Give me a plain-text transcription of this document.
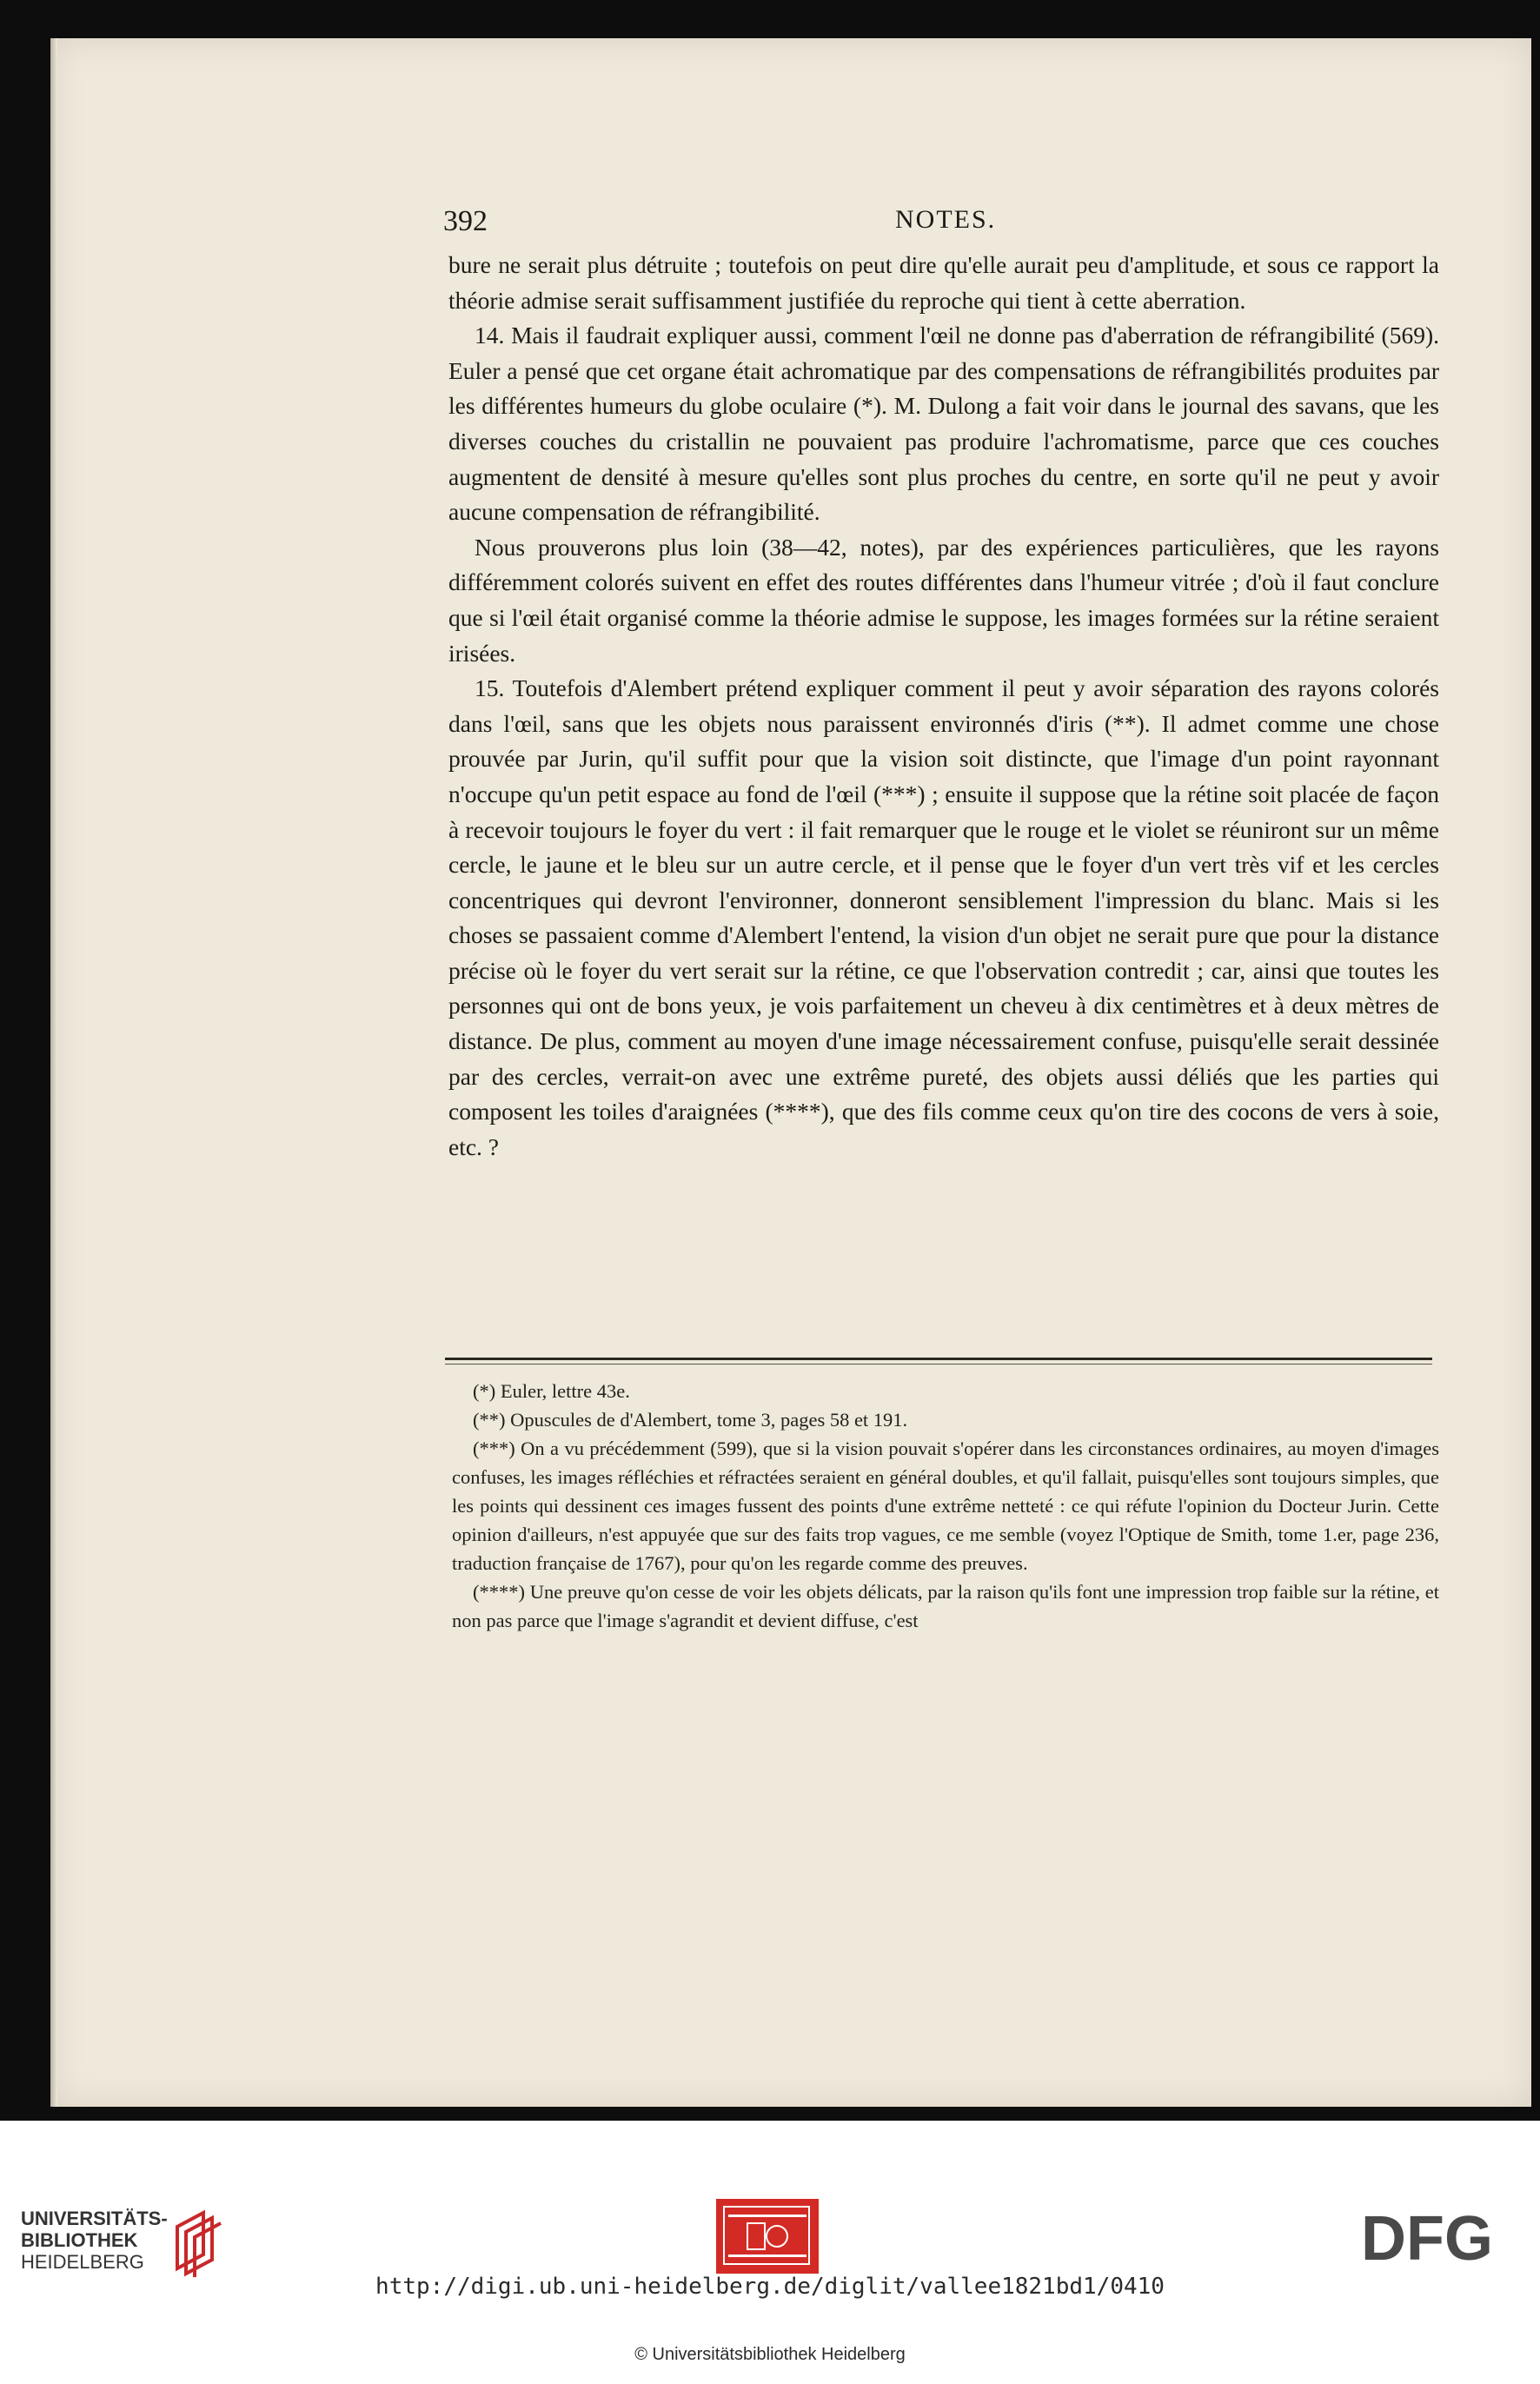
392	NOTES.

bure ne serait plus détruite ; toutefois on peut dire qu'elle aurait peu d'amplitude, et sous ce rapport la théorie admise serait suffisamment justifiée du reproche qui tient à cette aberration.

14. Mais il faudrait expliquer aussi, comment l'œil ne donne pas d'aberration de réfrangibilité (569). Euler a pensé que cet organe était achromatique par des compensations de réfrangibilités produites par les différentes humeurs du globe oculaire (*). M. Dulong a fait voir dans le journal des savans, que les diverses couches du cristallin ne pouvaient pas produire l'achromatisme, parce que ces couches augmentent de densité à mesure qu'elles sont plus proches du centre, en sorte qu'il ne peut y avoir aucune compensation de réfrangibilité.

Nous prouverons plus loin (38—42, notes), par des expériences particulières, que les rayons différemment colorés suivent en effet des routes différentes dans l'humeur vitrée ; d'où il faut conclure que si l'œil était organisé comme la théorie admise le suppose, les images formées sur la rétine seraient irisées.

15. Toutefois d'Alembert prétend expliquer comment il peut y avoir séparation des rayons colorés dans l'œil, sans que les objets nous paraissent environnés d'iris (**). Il admet comme une chose prouvée par Jurin, qu'il suffit pour que la vision soit distincte, que l'image d'un point rayonnant n'occupe qu'un petit espace au fond de l'œil (***) ; ensuite il suppose que la rétine soit placée de façon à recevoir toujours le foyer du vert : il fait remarquer que le rouge et le violet se réuniront sur un même cercle, le jaune et le bleu sur un autre cercle, et il pense que le foyer d'un vert très vif et les cercles concentriques qui devront l'environner, donneront sensiblement l'impression du blanc. Mais si les choses se passaient comme d'Alembert l'entend, la vision d'un objet ne serait pure que pour la distance précise où le foyer du vert serait sur la rétine, ce que l'observation contredit ; car, ainsi que toutes les personnes qui ont de bons yeux, je vois parfaitement un cheveu à dix centimètres et à deux mètres de distance. De plus, comment au moyen d'une image nécessairement confuse, puisqu'elle serait dessinée par des cercles, verrait-on avec une extrême pureté, des objets aussi déliés que les parties qui composent les toiles d'araignées (****), que des fils comme ceux qu'on tire des cocons de vers à soie, etc. ?

(*) Euler, lettre 43e.

(**) Opuscules de d'Alembert, tome 3, pages 58 et 191.

(***) On a vu précédemment (599), que si la vision pouvait s'opérer dans les circonstances ordinaires, au moyen d'images confuses, les images réfléchies et réfractées seraient en général doubles, et qu'il fallait, puisqu'elles sont toujours simples, que les points qui dessinent ces images fussent des points d'une extrême netteté : ce qui réfute l'opinion du Docteur Jurin. Cette opinion d'ailleurs, n'est appuyée que sur des faits trop vagues, ce me semble (voyez l'Optique de Smith, tome 1.er, page 236, traduction française de 1767), pour qu'on les regarde comme des preuves.

(****) Une preuve qu'on cesse de voir les objets délicats, par la raison qu'ils font une impression trop faible sur la rétine, et non pas parce que l'image s'agrandit et devient diffuse, c'est

UNIVERSITÄTS-
BIBLIOTHEK
HEIDELBERG	DFG
http://digi.ub.uni-heidelberg.de/diglit/vallee1821bd1/0410
© Universitätsbibliothek Heidelberg
